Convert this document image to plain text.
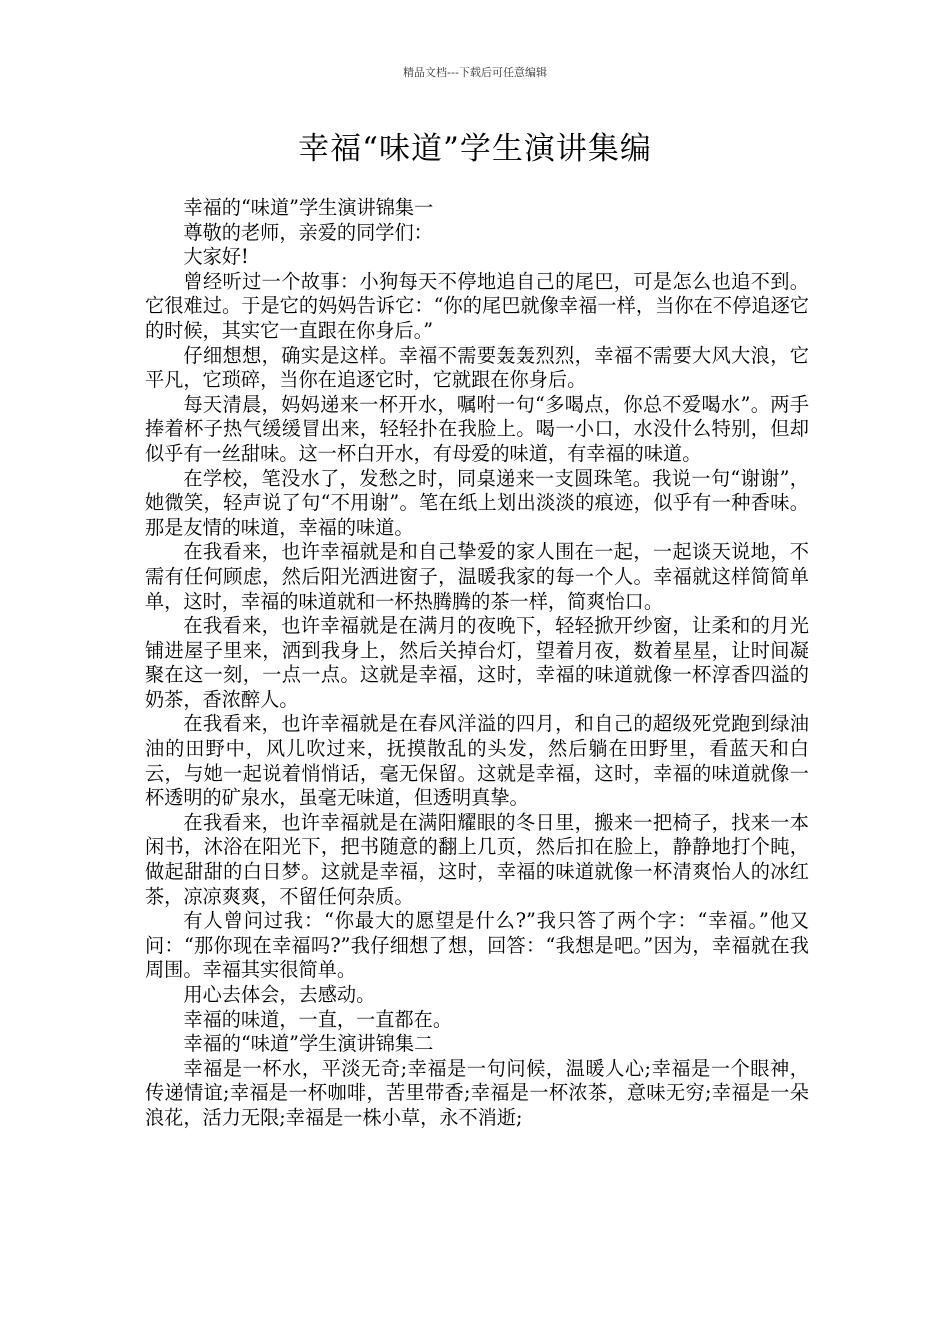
精品文档---下载后可任意编辑
幸福“味道”学生演讲集编

幸福的“味道”学生演讲锦集一

尊敬的老师，亲爱的同学们：

大家好!

曾经听过一个故事：小狗每天不停地追自己的尾巴，可是怎么也追不到。它很难过。于是它的妈妈告诉它：“你的尾巴就像幸福一样，当你在不停追逐它的时候，其实它一直跟在你身后。”

仔细想想，确实是这样。幸福不需要轰轰烈烈，幸福不需要大风大浪，它平凡，它琐碎，当你在追逐它时，它就跟在你身后。

每天清晨，妈妈递来一杯开水，嘱咐一句“多喝点，你总不爱喝水”。两手捧着杯子热气缓缓冒出来，轻轻扑在我脸上。喝一小口，水没什么特别，但却似乎有一丝甜味。这一杯白开水，有母爱的味道，有幸福的味道。

在学校，笔没水了，发愁之时，同桌递来一支圆珠笔。我说一句“谢谢”，她微笑，轻声说了句“不用谢”。笔在纸上划出淡淡的痕迹，似乎有一种香味。那是友情的味道，幸福的味道。

在我看来，也许幸福就是和自己挚爱的家人围在一起，一起谈天说地，不需有任何顾虑，然后阳光洒进窗子，温暖我家的每一个人。幸福就这样简简单单，这时，幸福的味道就和一杯热腾腾的茶一样，简爽怡口。

在我看来，也许幸福就是在满月的夜晚下，轻轻掀开纱窗，让柔和的月光铺进屋子里来，洒到我身上，然后关掉台灯，望着月夜，数着星星，让时间凝聚在这一刻，一点一点。这就是幸福，这时，幸福的味道就像一杯淳香四溢的奶茶，香浓醉人。

在我看来，也许幸福就是在春风洋溢的四月，和自己的超级死党跑到绿油油的田野中，风儿吹过来，抚摸散乱的头发，然后躺在田野里，看蓝天和白云，与她一起说着悄悄话，毫无保留。这就是幸福，这时，幸福的味道就像一杯透明的矿泉水，虽毫无味道，但透明真挚。

在我看来，也许幸福就是在满阳耀眼的冬日里，搬来一把椅子，找来一本闲书，沐浴在阳光下，把书随意的翻上几页，然后扣在脸上，静静地打个盹，做起甜甜的白日梦。这就是幸福，这时，幸福的味道就像一杯清爽怡人的冰红茶，凉凉爽爽，不留任何杂质。

有人曾问过我：“你最大的愿望是什么?”我只答了两个字：“幸福。”他又问：“那你现在幸福吗?”我仔细想了想，回答：“我想是吧。”因为，幸福就在我周围。幸福其实很简单。

用心去体会，去感动。

幸福的味道，一直，一直都在。

幸福的“味道”学生演讲锦集二

幸福是一杯水，平淡无奇;幸福是一句问候，温暖人心;幸福是一个眼神，传递情谊;幸福是一杯咖啡，苦里带香;幸福是一杯浓茶，意味无穷;幸福是一朵浪花，活力无限;幸福是一株小草，永不消逝;
